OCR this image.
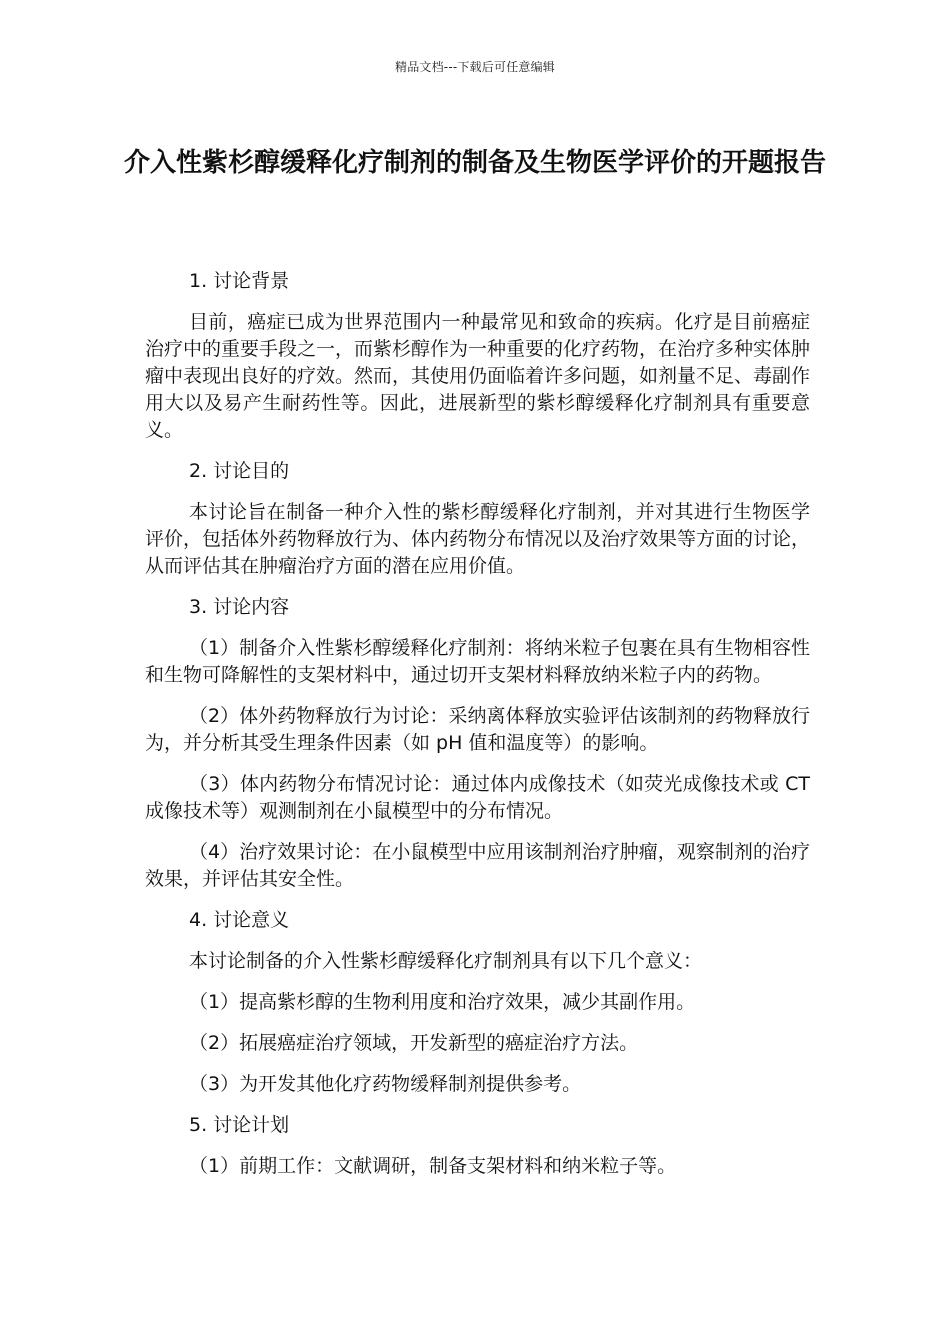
精品文档---下载后可任意编辑
介入性紫杉醇缓释化疗制剂的制备及生物医学评价的开题报告

1. 讨论背景

目前，癌症已成为世界范围内一种最常见和致命的疾病。化疗是目前癌症治疗中的重要手段之一，而紫杉醇作为一种重要的化疗药物，在治疗多种实体肿瘤中表现出良好的疗效。然而，其使用仍面临着许多问题，如剂量不足、毒副作用大以及易产生耐药性等。因此，进展新型的紫杉醇缓释化疗制剂具有重要意义。

2. 讨论目的

本讨论旨在制备一种介入性的紫杉醇缓释化疗制剂，并对其进行生物医学评价，包括体外药物释放行为、体内药物分布情况以及治疗效果等方面的讨论，从而评估其在肿瘤治疗方面的潜在应用价值。

3. 讨论内容

（1）制备介入性紫杉醇缓释化疗制剂：将纳米粒子包裹在具有生物相容性和生物可降解性的支架材料中，通过切开支架材料释放纳米粒子内的药物。

（2）体外药物释放行为讨论：采纳离体释放实验评估该制剂的药物释放行为，并分析其受生理条件因素（如 pH 值和温度等）的影响。

（3）体内药物分布情况讨论：通过体内成像技术（如荧光成像技术或 CT 成像技术等）观测制剂在小鼠模型中的分布情况。

（4）治疗效果讨论：在小鼠模型中应用该制剂治疗肿瘤，观察制剂的治疗效果，并评估其安全性。

4. 讨论意义

本讨论制备的介入性紫杉醇缓释化疗制剂具有以下几个意义：

（1）提高紫杉醇的生物利用度和治疗效果，减少其副作用。

（2）拓展癌症治疗领域，开发新型的癌症治疗方法。

（3）为开发其他化疗药物缓释制剂提供参考。

5. 讨论计划

（1）前期工作：文献调研，制备支架材料和纳米粒子等。
